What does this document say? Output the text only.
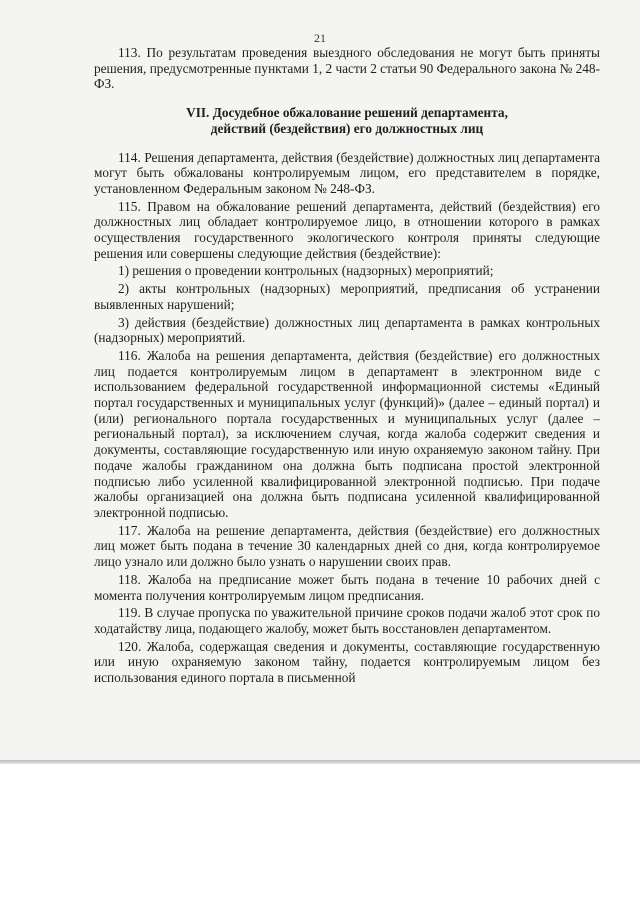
21

113. По результатам проведения выездного обследования не могут быть приняты решения, предусмотренные пунктами 1, 2 части 2 статьи 90 Федерального закона № 248-ФЗ.

VII. Досудебное обжалование решений департамента,
действий (бездействия) его должностных лиц

114. Решения департамента, действия (бездействие) должностных лиц департамента могут быть обжалованы контролируемым лицом, его представителем в порядке, установленном Федеральным законом № 248-ФЗ.

115. Правом на обжалование решений департамента, действий (бездействия) его должностных лиц обладает контролируемое лицо, в отношении которого в рамках осуществления государственного экологического контроля приняты следующие решения или совершены следующие действия (бездействие):

1) решения о проведении контрольных (надзорных) мероприятий;

2) акты контрольных (надзорных) мероприятий, предписания об устранении выявленных нарушений;

3) действия (бездействие) должностных лиц департамента в рамках контрольных (надзорных) мероприятий.

116. Жалоба на решения департамента, действия (бездействие) его должностных лиц подается контролируемым лицом в департамент в электронном виде с использованием федеральной государственной информационной системы «Единый портал государственных и муниципальных услуг (функций)» (далее – единый портал) и (или) регионального портала государственных и муниципальных услуг (далее – региональный портал), за исключением случая, когда жалоба содержит сведения и документы, составляющие государственную или иную охраняемую законом тайну. При подаче жалобы гражданином она должна быть подписана простой электронной подписью либо усиленной квалифицированной электронной подписью. При подаче жалобы организацией она должна быть подписана усиленной квалифицированной электронной подписью.

117. Жалоба на решение департамента, действия (бездействие) его должностных лиц может быть подана в течение 30 календарных дней со дня, когда контролируемое лицо узнало или должно было узнать о нарушении своих прав.

118. Жалоба на предписание может быть подана в течение 10 рабочих дней с момента получения контролируемым лицом предписания.

119. В случае пропуска по уважительной причине сроков подачи жалоб этот срок по ходатайству лица, подающего жалобу, может быть восстановлен департаментом.

120. Жалоба, содержащая сведения и документы, составляющие государственную или иную охраняемую законом тайну, подается контролируемым лицом без использования единого портала в письменной
